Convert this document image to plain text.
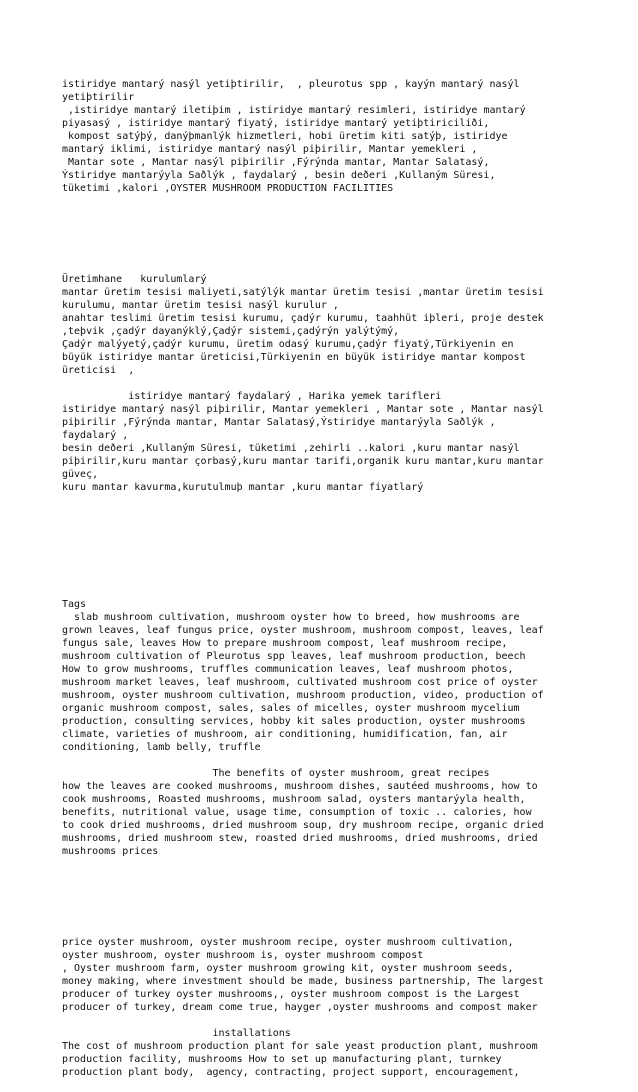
istiridye mantarý nasýl yetiþtirilir,  , pleurotus spp , kayýn mantarý nasýl
yetiþtirilir
,istiridye mantarý iletiþim , istiridye mantarý resimleri, istiridye mantarý
piyasasý , istiridye mantarý fiyatý, istiridye mantarý yetiþtiriciliði,
kompost satýþý, danýþmanlýk hizmetleri, hobi üretim kiti satýþ, istiridye
mantarý iklimi, istiridye mantarý nasýl piþirilir, Mantar yemekleri ,
Mantar sote , Mantar nasýl piþirilir ,Fýrýnda mantar, Mantar Salatasý,
Ýstiridye mantarýyla Saðlýk , faydalarý , besin deðeri ,Kullaným Süresi,
tüketimi ,kalori ,OYSTER MUSHROOM PRODUCTION FACILITIES

Üretimhane   kurulumlarý
mantar üretim tesisi maliyeti,satýlýk mantar üretim tesisi ,mantar üretim tesisi
kurulumu, mantar üretim tesisi nasýl kurulur ,
anahtar teslimi üretim tesisi kurumu, çadýr kurumu, taahhüt iþleri, proje destek
,teþvik ,çadýr dayanýklý,Çadýr sistemi,çadýrýn yalýtýmý,
Çadýr malýyetý,çadýr kurumu, üretim odasý kurumu,çadýr fiyatý,Türkiyenin en
büyük istiridye mantar üreticisi,Türkiyenin en büyük istiridye mantar kompost
üreticisi  ,
istiridye mantarý faydalarý , Harika yemek tarifleri
istiridye mantarý nasýl piþirilir, Mantar yemekleri , Mantar sote , Mantar nasýl
piþirilir ,Fýrýnda mantar, Mantar Salatasý,Ýstiridye mantarýyla Saðlýk ,
faydalarý ,
besin deðeri ,Kullaným Süresi, tüketimi ,zehirli ..kalori ,kuru mantar nasýl
piþirilir,kuru mantar çorbasý,kuru mantar tarifi,organik kuru mantar,kuru mantar
güveç,
kuru mantar kavurma,kurutulmuþ mantar ,kuru mantar fiyatlarý

Tags
slab mushroom cultivation, mushroom oyster how to breed, how mushrooms are
grown leaves, leaf fungus price, oyster mushroom, mushroom compost, leaves, leaf
fungus sale, leaves How to prepare mushroom compost, leaf mushroom recipe,
mushroom cultivation of Pleurotus spp leaves, leaf mushroom production, beech
How to grow mushrooms, truffles communication leaves, leaf mushroom photos,
mushroom market leaves, leaf mushroom, cultivated mushroom cost price of oyster
mushroom, oyster mushroom cultivation, mushroom production, video, production of
organic mushroom compost, sales, sales of micelles, oyster mushroom mycelium
production, consulting services, hobby kit sales production, oyster mushrooms
climate, varieties of mushroom, air conditioning, humidification, fan, air
conditioning, lamb belly, truffle
The benefits of oyster mushroom, great recipes
how the leaves are cooked mushrooms, mushroom dishes, sautéed mushrooms, how to
cook mushrooms, Roasted mushrooms, mushroom salad, oysters mantarýyla health,
benefits, nutritional value, usage time, consumption of toxic .. calories, how
to cook dried mushrooms, dried mushroom soup, dry mushroom recipe, organic dried
mushrooms, dried mushroom stew, roasted dried mushrooms, dried mushrooms, dried
mushrooms prices

price oyster mushroom, oyster mushroom recipe, oyster mushroom cultivation,
oyster mushroom, oyster mushroom is, oyster mushroom compost
, Oyster mushroom farm, oyster mushroom growing kit, oyster mushroom seeds,
money making, where investment should be made, business partnership, The largest
producer of turkey oyster mushrooms,, oyster mushroom compost is the Largest
producer of turkey, dream come true, hayger ,oyster mushrooms and compost maker
installations
The cost of mushroom production plant for sale yeast production plant, mushroom
production facility, mushrooms How to set up manufacturing plant, turnkey
production plant body,  agency, contracting, project support, encouragement,
